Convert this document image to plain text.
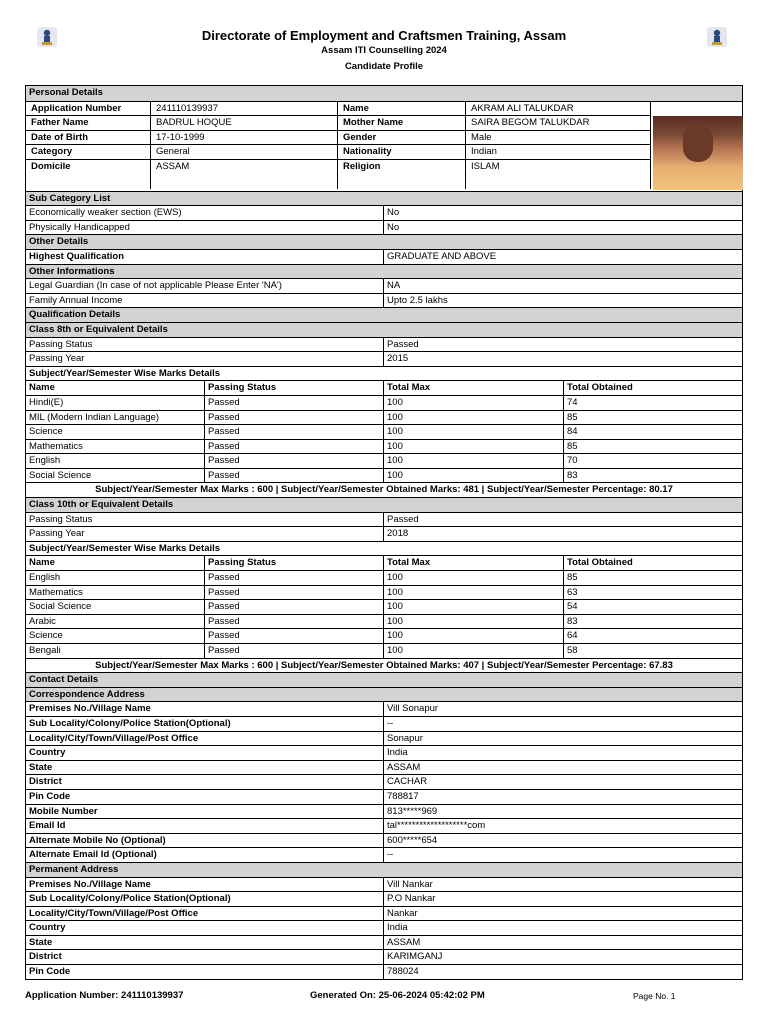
Directorate of Employment and Craftsmen Training, Assam
Assam ITI Counselling 2024
Candidate Profile
Personal Details
Application Number	241110139937	Name	AKRAM ALI TALUKDAR
Father Name	BADRUL HOQUE	Mother Name	SAIRA BEGOM TALUKDAR
Date of Birth	17-10-1999	Gender	Male
Category	General	Nationality	Indian
Domicile	ASSAM	Religion	ISLAM
Sub Category List
Economically weaker section (EWS)	No
Physically Handicapped	No
Other Details
Highest Qualification	GRADUATE AND ABOVE
Other Informations
Legal Guardian (In case of not applicable Please Enter 'NA')	NA
Family Annual Income	Upto 2.5 lakhs
Qualification Details
Class 8th or Equivalent Details
Passing Status	Passed
Passing Year	2015
Subject/Year/Semester Wise Marks Details
Name	Passing Status	Total Max	Total Obtained
Hindi(E)	Passed	100	74
MIL (Modern Indian Language)	Passed	100	85
Science	Passed	100	84
Mathematics	Passed	100	85
English	Passed	100	70
Social Science	Passed	100	83
Subject/Year/Semester Max Marks : 600 | Subject/Year/Semester Obtained Marks: 481 | Subject/Year/Semester Percentage: 80.17
Class 10th or Equivalent Details
Passing Status	Passed
Passing Year	2018
Subject/Year/Semester Wise Marks Details
Name	Passing Status	Total Max	Total Obtained
English	Passed	100	85
Mathematics	Passed	100	63
Social Science	Passed	100	54
Arabic	Passed	100	83
Science	Passed	100	64
Bengali	Passed	100	58
Subject/Year/Semester Max Marks : 600 | Subject/Year/Semester Obtained Marks: 407 | Subject/Year/Semester Percentage: 67.83
Contact Details
Correspondence Address
Premises No./Village Name	Vill Sonapur
Sub Locality/Colony/Police Station(Optional)	--
Locality/City/Town/Village/Post Office	Sonapur
Country	India
State	ASSAM
District	CACHAR
Pin Code	788817
Mobile Number	813*****969
Email Id	tal*******************com
Alternate Mobile No (Optional)	600*****654
Alternate Email Id (Optional)	--
Permanent Address
Premises No./Village Name	Vill Nankar
Sub Locality/Colony/Police Station(Optional)	P.O Nankar
Locality/City/Town/Village/Post Office	Nankar
Country	India
State	ASSAM
District	KARIMGANJ
Pin Code	788024
Application Number: 241110139937	Generated On: 25-06-2024 05:42:02 PM	Page No. 1
